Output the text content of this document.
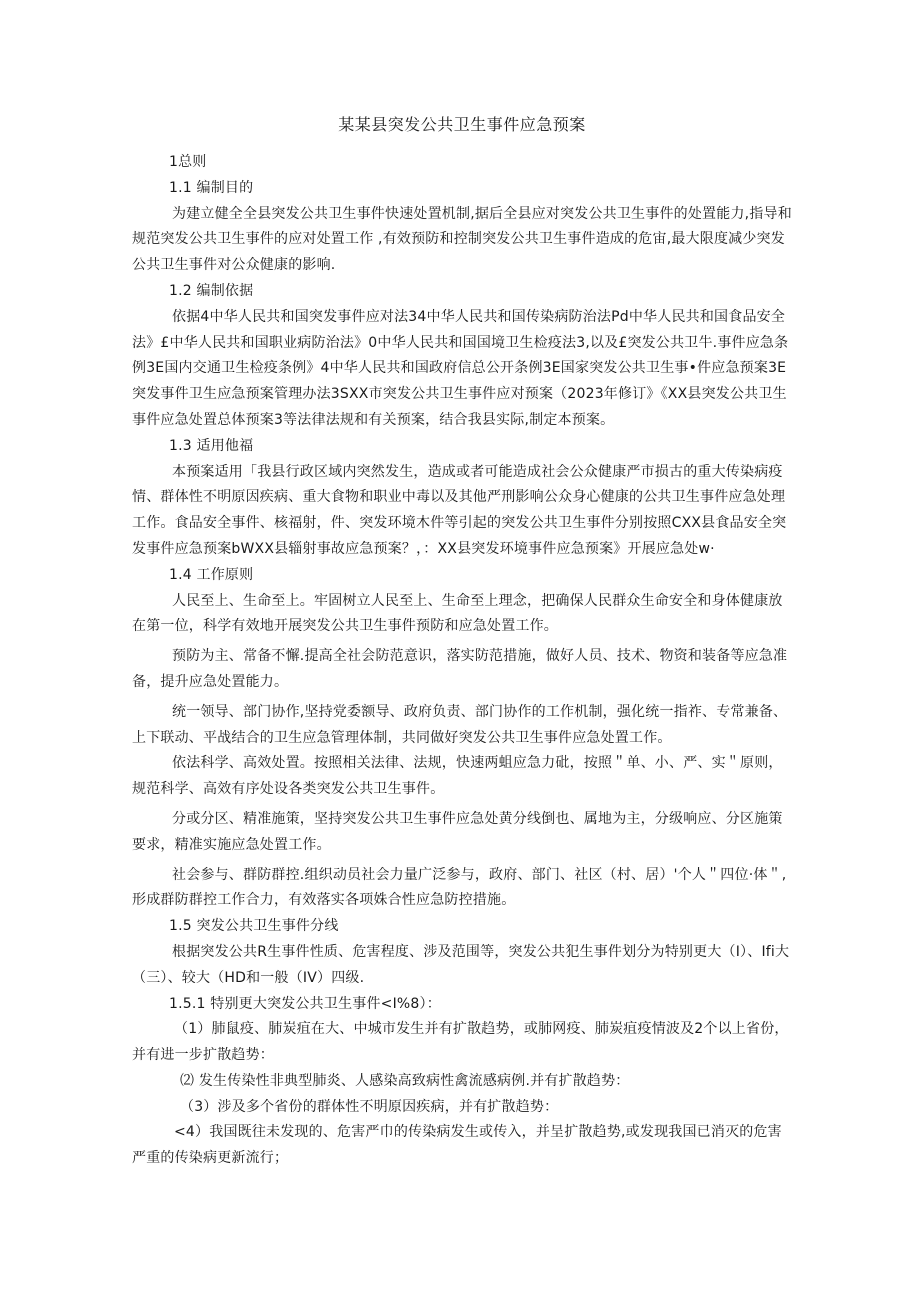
某某县突发公共卫生事件应急预案

1总则

1.1 编制目的

为建立健全全县突发公共卫生事件快速处置机制,据后全县应对突发公共卫生事件的处置能力,指导和规范突发公共卫生事件的应对处置工作 ,有效预防和控制突发公共卫生事件造成的危宙,最大限度减少突发公共卫生事件对公众健康的影响.

1.2 编制依据

依据4中华人民共和国突发事件应对法34中华人民共和国传染病防治法Pd中华人民共和国食品安全法》£中华人民共和国职业病防治法》0中华人民共和国国境卫生检疫法3,以及£突发公共卫牛.事件应急条例3E国内交通卫生检疫条例》4中华人民共和国政府信总公开条例3E国家突发公共卫生事•件应急预案3E突发事件卫生应急预案管理办法3SXX市突发公共卫生事件应对预案（2023年修订》《XX县突发公共卫生事件应急处置总体预案3等法律法规和有关预案，结合我县实际,制定本预案。

1.3 适用他福

本预案适用「我县行政区域内突然发生，造成或者可能造成社会公众健康严市损古的重大传染病疫情、群体性不明原因疾病、重大食物和职业中毒以及其他严刑影响公众身心健康的公共卫生事件应急处理工作。食品安全事件、核福射，件、突发环境木件等引起的突发公共卫生事件分别按照CXX县食品安全突发事件应急预案bWXX县辎射事故应急预案？，：XX县突发环境事件应急预案》开展应急处w·

1.4 工作原则

人民至上、生命至上。牢固树立人民至上、生命至上理念，把确保人民群众生命安全和身体健康放在第一位，科学有效地开展突发公共卫生事件预防和应急处置工作。

预防为主、常备不懈.提高全社会防范意识，落实防范措施，做好人员、技术、物资和装备等应急准备，提升应急处置能力。

统一领导、部门协作,坚持党委额导、政府负责、部门协作的工作机制，强化统一指祚、专常兼备、上下联动、平战结合的卫生应急管理体制，共同做好突发公共卫生事件应急处置工作。

依法科学、高效处置。按照相关法律、法规，快速两蛆应急力砒，按照＂单、小、严、实＂原则，规范科学、高效有序处设各类突发公共卫生事件。

分或分区、精准施策，坚持突发公共卫生事件应急处黄分线倒也、属地为主，分级响应、分区施策要求，精准实施应急处置工作。

社会参与、群防群控.组织动员社会力量广泛参与，政府、部门、社区（村、居）'个人＂四位·体＂,形成群防群控工作合力，有效落实各项姝合性应急防控措施。

1.5 突发公共卫生事件分线

根据突发公共R生事件性质、危害程度、涉及范围等，突发公共犯生事件划分为特别更大（I）、Ifi大（三）、较大（HD和一般（IV）四级.

1.5.1 特别更大突发公共卫生事件<I%8）：

（1）肺鼠疫、肺炭疽在大、中城市发生并有扩散趋势，或肺网疫、肺炭疽疫情波及2个以上省份，并有进一步扩散趋势：

⑵ 发生传染性非典型肺炎、人感染高致病性禽流感病例.并有扩散趋势：

（3）涉及多个省份的群体性不明原因疾病，并有扩散趋势：

<4）我国既往未发现的、危害严巾的传染病发生或传入，并呈扩散趋势,或发现我国已消灭的危害严重的传染病更新流行；
